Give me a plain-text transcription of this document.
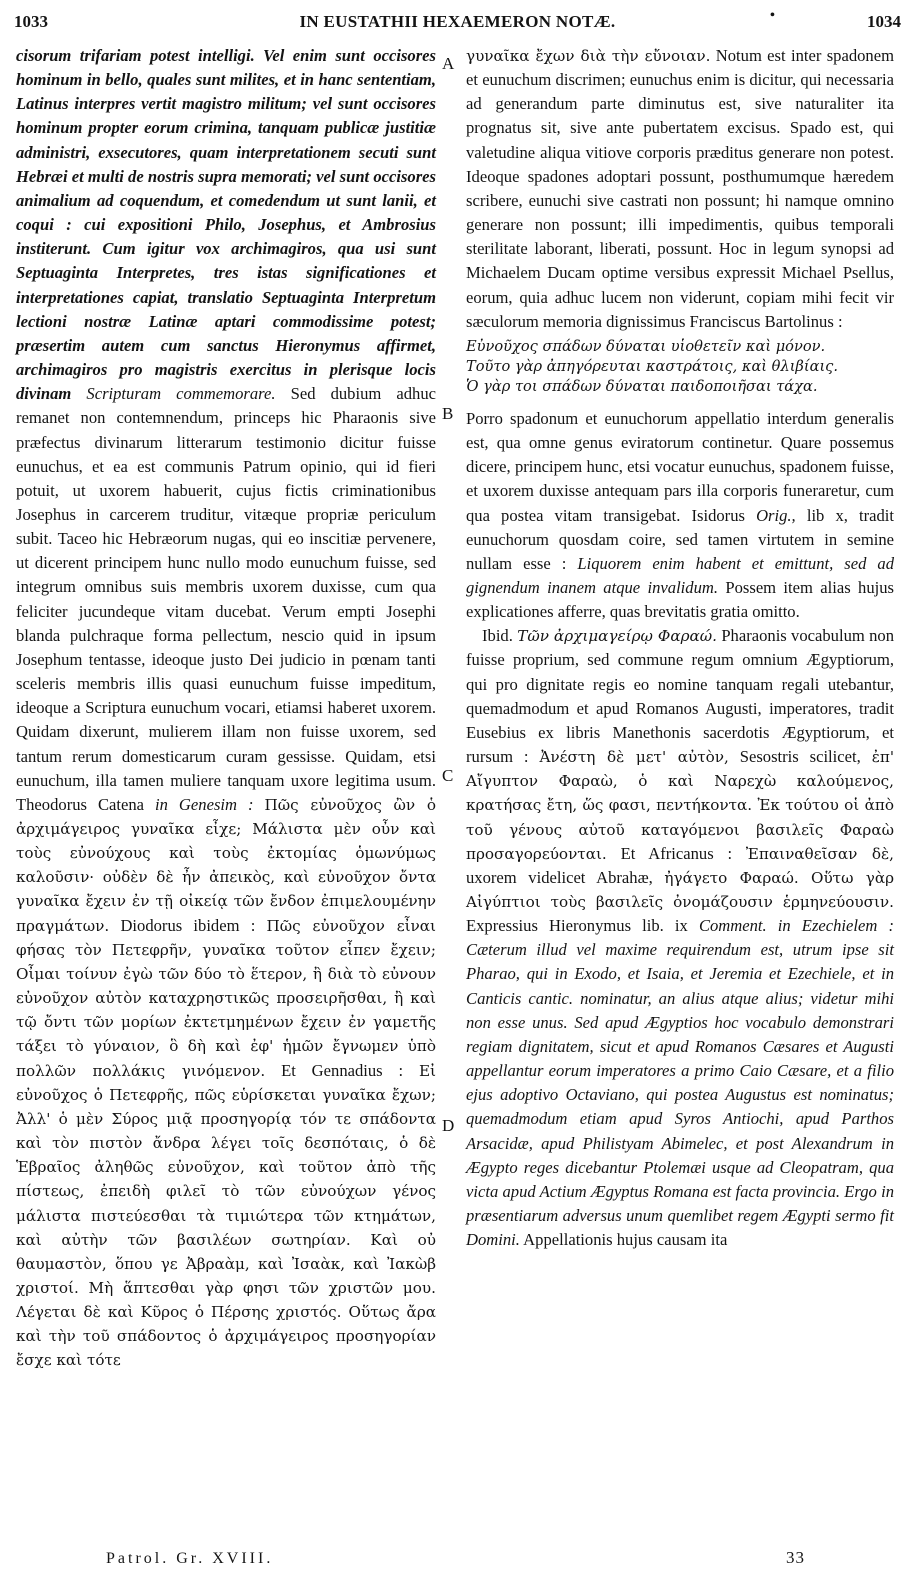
1033	IN EUSTATHII HEXAEMERON NOTÆ.	•	1034
A
B
C
D

cisorum trifariam potest intelligi. Vel enim sunt occisores hominum in bello, quales sunt milites, et in hanc sententiam, Latinus interpres vertit magistro militum; vel sunt occisores hominum propter eorum crimina, tanquam publicæ justitiæ administri, exsecutores, quam interpretationem secuti sunt Hebræi et multi de nostris supra memorati; vel sunt occisores animalium ad coquendum, et comedendum ut sunt lanii, et coqui : cui expositioni Philo, Josephus, et Ambrosius institerunt. Cum igitur vox archimagiros, qua usi sunt Septuaginta Interpretes, tres istas significationes et interpretationes capiat, translatio Septuaginta Interpretum lectioni nostræ Latinæ aptari commodissime potest; præsertim autem cum sanctus Hieronymus affirmet, archimagiros pro magistris exercitus in plerisque locis divinam Scripturam commemorare. Sed dubium adhuc remanet non contemnendum, princeps hic Pharaonis sive præfectus divinarum litterarum testimonio dicitur fuisse eunuchus, et ea est communis Patrum opinio, qui id fieri potuit, ut uxorem habuerit, cujus fictis criminationibus Josephus in carcerem truditur, vitæque propriæ periculum subit. Taceo hic Hebræorum nugas, qui eo inscitiæ pervenere, ut dicerent principem hunc nullo modo eunuchum fuisse, sed integrum omnibus suis membris uxorem duxisse, cum qua feliciter jucundeque vitam ducebat. Verum empti Josephi blanda pulchraque forma pellectum, nescio quid in ipsum Josephum tentasse, ideoque justo Dei judicio in pœnam tanti sceleris membris illis quasi eunuchum fuisse impeditum, ideoque a Scriptura eunuchum vocari, etiamsi haberet uxorem. Quidam dixerunt, mulierem illam non fuisse uxorem, sed tantum rerum domesticarum curam gessisse. Quidam, etsi eunuchum, illa tamen muliere tanquam uxore legitima usum. Theodorus Catena in Genesim : Πῶς εὐνοῦχος ὢν ὁ ἀρχιμάγειρος γυναῖκα εἶχε; Μάλιστα μὲν οὖν καὶ τοὺς εὐνούχους καὶ τοὺς ἐκτομίας ὁμωνύμως καλοῦσιν· οὐδὲν δὲ ἦν ἀπεικὸς, καὶ εὐνοῦχον ὄντα γυναῖκα ἔχειν ἐν τῇ οἰκείᾳ τῶν ἔνδον ἐπιμελουμένην πραγμάτων. Diodorus ibidem : Πῶς εὐνοῦχον εἶναι φήσας τὸν Πετεφρῆν, γυναῖκα τοῦτον εἶπεν ἔχειν; Οἶμαι τοίνυν ἐγὼ τῶν δύο τὸ ἕτερον, ἢ διὰ τὸ εὐνουν εὐνοῦχον αὐτὸν καταχρηστικῶς προσειρῆσθαι, ἢ καὶ τῷ ὄντι τῶν μορίων ἐκτετμημένων ἔχειν ἐν γαμετῆς τάξει τὸ γύναιον, ὃ δὴ καὶ ἐφ' ἡμῶν ἔγνωμεν ὑπὸ πολλῶν πολλάκις γινόμενον. Et Gennadius : Εἰ εὐνοῦχος ὁ Πετεφρῆς, πῶς εὑρίσκεται γυναῖκα ἔχων; Ἀλλ' ὁ μὲν Σύρος μιᾷ προσηγορίᾳ τόν τε σπάδοντα καὶ τὸν πιστὸν ἄνδρα λέγει τοῖς δεσπόταις, ὁ δὲ Ἑβραῖος ἀληθῶς εὐνοῦχον, καὶ τοῦτον ἀπὸ τῆς πίστεως, ἐπειδὴ φιλεῖ τὸ τῶν εὐνούχων γένος μάλιστα πιστεύεσθαι τὰ τιμιώτερα τῶν κτημάτων, καὶ αὐτὴν τῶν βασιλέων σωτηρίαν. Καὶ οὐ θαυμαστὸν, ὅπου γε Ἀβραὰμ, καὶ Ἰσαὰκ, καὶ Ἰακὼβ χριστοί. Μὴ ἅπτεσθαι γὰρ φησι τῶν χριστῶν μου. Λέγεται δὲ καὶ Κῦρος ὁ Πέρσης χριστός. Οὕτως ἄρα καὶ τὴν τοῦ σπάδοντος ὁ ἀρχιμάγειρος προσηγορίαν ἔσχε καὶ τότε

γυναῖκα ἔχων διὰ τὴν εὔνοιαν. Notum est inter spadonem et eunuchum discrimen; eunuchus enim is dicitur, qui necessaria ad generandum parte diminutus est, sive naturaliter ita prognatus sit, sive ante pubertatem excisus. Spado est, qui valetudine aliqua vitiove corporis præditus generare non potest. Ideoque spadones adoptari possunt, posthumumque hæredem scribere, eunuchi sive castrati non possunt; hi namque omnino generare non possunt; illi impedimentis, quibus temporali sterilitate laborant, liberati, possunt. Hoc in legum synopsi ad Michaelem Ducam optime versibus expressit Michael Psellus, eorum, quia adhuc lucem non viderunt, copiam mihi fecit vir sæculorum memoria dignissimus Franciscus Bartolinus :

Εὐνοῦχος σπάδων δύναται υἱοθετεῖν καὶ μόνον.
Τοῦτο γὰρ ἀπηγόρευται καστράτοις, καὶ θλιβίαις.
Ὁ γὰρ τοι σπάδων δύναται παιδοποιῆσαι τάχα.

Porro spadonum et eunuchorum appellatio interdum generalis est, qua omne genus eviratorum continetur. Quare possemus dicere, principem hunc, etsi vocatur eunuchus, spadonem fuisse, et uxorem duxisse antequam pars illa corporis funeraretur, cum qua postea vitam transigebat. Isidorus Orig., lib x, tradit eunuchorum quosdam coire, sed tamen virtutem in semine nullam esse : Liquorem enim habent et emittunt, sed ad gignendum inanem atque invalidum. Possem item alias hujus explicationes afferre, quas brevitatis gratia omitto.

Ibid. Τῶν ἀρχιμαγείρῳ Φαραώ. Pharaonis vocabulum non fuisse proprium, sed commune regum omnium Ægyptiorum, qui pro dignitate regis eo nomine tanquam regali utebantur, quemadmodum et apud Romanos Augusti, imperatores, tradit Eusebius ex libris Manethonis sacerdotis Ægyptiorum, et rursum : Ἀνέστη δὲ μετ' αὐτὸν, Sesostris scilicet, ἐπ' Αἴγυπτον Φαραὼ, ὁ καὶ Ναρεχὼ καλούμενος, κρατήσας ἔτη, ὥς φασι, πεντήκοντα. Ἐκ τούτου οἱ ἀπὸ τοῦ γένους αὐτοῦ καταγόμενοι βασιλεῖς Φαραὼ προσαγορεύονται. Et Africanus : Ἐπαιναθεῖσαν δὲ, uxorem videlicet Abrahæ, ἠγάγετο Φαραώ. Οὕτω γὰρ Αἰγύπτιοι τοὺς βασιλεῖς ὀνομάζουσιν ἑρμηνεύουσιν. Expressius Hieronymus lib. ix Comment. in Ezechielem : Cæterum illud vel maxime requirendum est, utrum ipse sit Pharao, qui in Exodo, et Isaia, et Jeremia et Ezechiele, et in Canticis cantic. nominatur, an alius atque alius; videtur mihi non esse unus. Sed apud Ægyptios hoc vocabulo demonstrari regiam dignitatem, sicut et apud Romanos Cæsares et Augusti appellantur eorum imperatores a primo Caio Cæsare, et a filio ejus adoptivo Octaviano, qui postea Augustus est nominatus; quemadmodum etiam apud Syros Antiochi, apud Parthos Arsacidæ, apud Philistyam Abimelec, et post Alexandrum in Ægypto reges dicebantur Ptolemæi usque ad Cleopatram, qua victa apud Actium Ægyptus Romana est facta provincia. Ergo in præsentiarum adversus unum quemlibet regem Ægypti sermo fit Domini. Appellationis hujus causam ita

Patrol. Gr. XVIII.	33
